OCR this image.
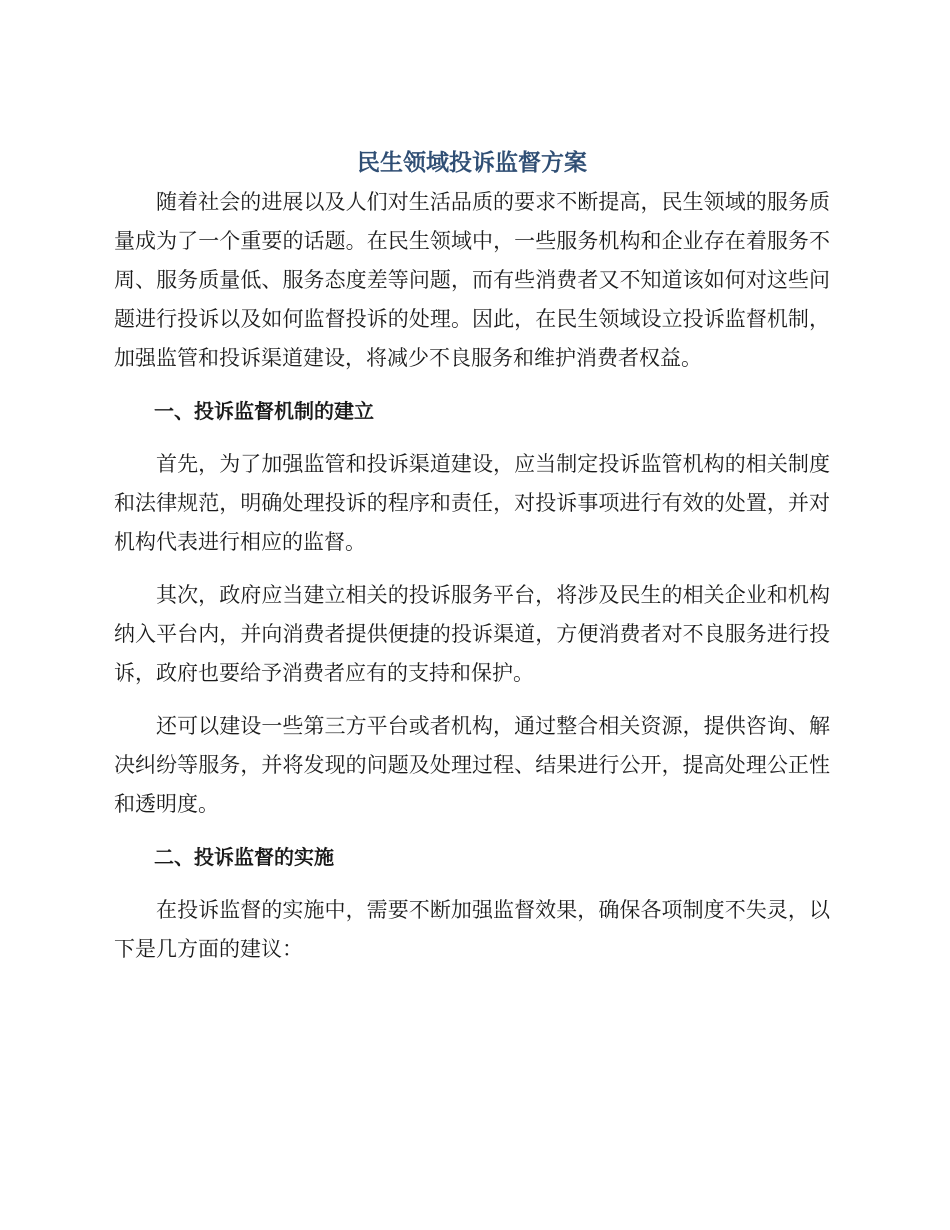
民生领域投诉监督方案

随着社会的进展以及人们对生活品质的要求不断提高，民生领域的服务质量成为了一个重要的话题。在民生领域中，一些服务机构和企业存在着服务不周、服务质量低、服务态度差等问题，而有些消费者又不知道该如何对这些问题进行投诉以及如何监督投诉的处理。因此，在民生领域设立投诉监督机制，加强监管和投诉渠道建设，将减少不良服务和维护消费者权益。

一、投诉监督机制的建立

首先，为了加强监管和投诉渠道建设，应当制定投诉监管机构的相关制度和法律规范，明确处理投诉的程序和责任，对投诉事项进行有效的处置，并对机构代表进行相应的监督。

其次，政府应当建立相关的投诉服务平台，将涉及民生的相关企业和机构纳入平台内，并向消费者提供便捷的投诉渠道，方便消费者对不良服务进行投诉，政府也要给予消费者应有的支持和保护。

还可以建设一些第三方平台或者机构，通过整合相关资源，提供咨询、解决纠纷等服务，并将发现的问题及处理过程、结果进行公开，提高处理公正性和透明度。

二、投诉监督的实施

在投诉监督的实施中，需要不断加强监督效果，确保各项制度不失灵，以下是几方面的建议：
